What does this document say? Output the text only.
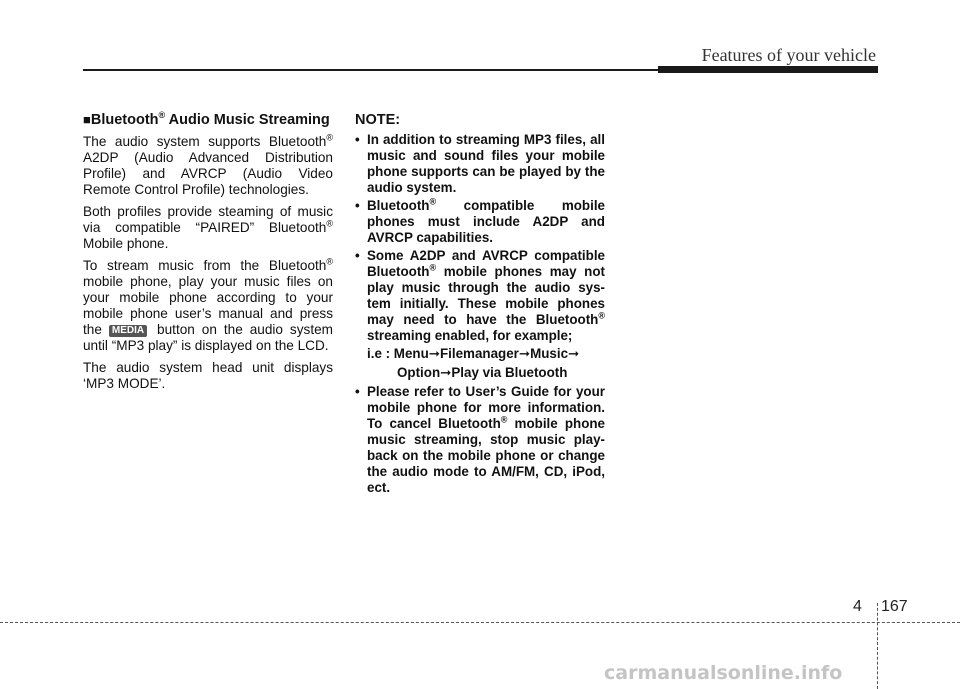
Features of your vehicle
■Bluetooth® Audio Music Streaming

The audio system supports Bluetooth® A2DP (Audio Advanced Distribution Profile) and AVRCP (Audio Video Remote Control Profile) technologies.

Both profiles provide steaming of music via compatible “PAIRED” Bluetooth® Mobile phone.

To stream music from the Bluetooth® mobile phone, play your music files on your mobile phone according to your mobile phone user’s manual and press the MEDIA button on the audio system until “MP3 play” is displayed on the LCD.

The audio system head unit displays ‘MP3 MODE’.

NOTE:
• In addition to streaming MP3 files, all music and sound files your mobile phone supports can be played by the audio system.
• Bluetooth® compatible mobile phones must include A2DP and AVRCP capabilities.
• Some A2DP and AVRCP compatible Bluetooth® mobile phones may not play music through the audio sys- tem initially. These mobile phones may need to have the Bluetooth® streaming enabled, for example;
i.e : Menu➞Filemanager➞Music➞
Option➞Play via Bluetooth
• Please refer to User’s Guide for your mobile phone for more information. To cancel Bluetooth® mobile phone music streaming, stop music play- back on the mobile phone or change the audio mode to AM/FM, CD, iPod, ect.
4 167
carmanualsonline.info
